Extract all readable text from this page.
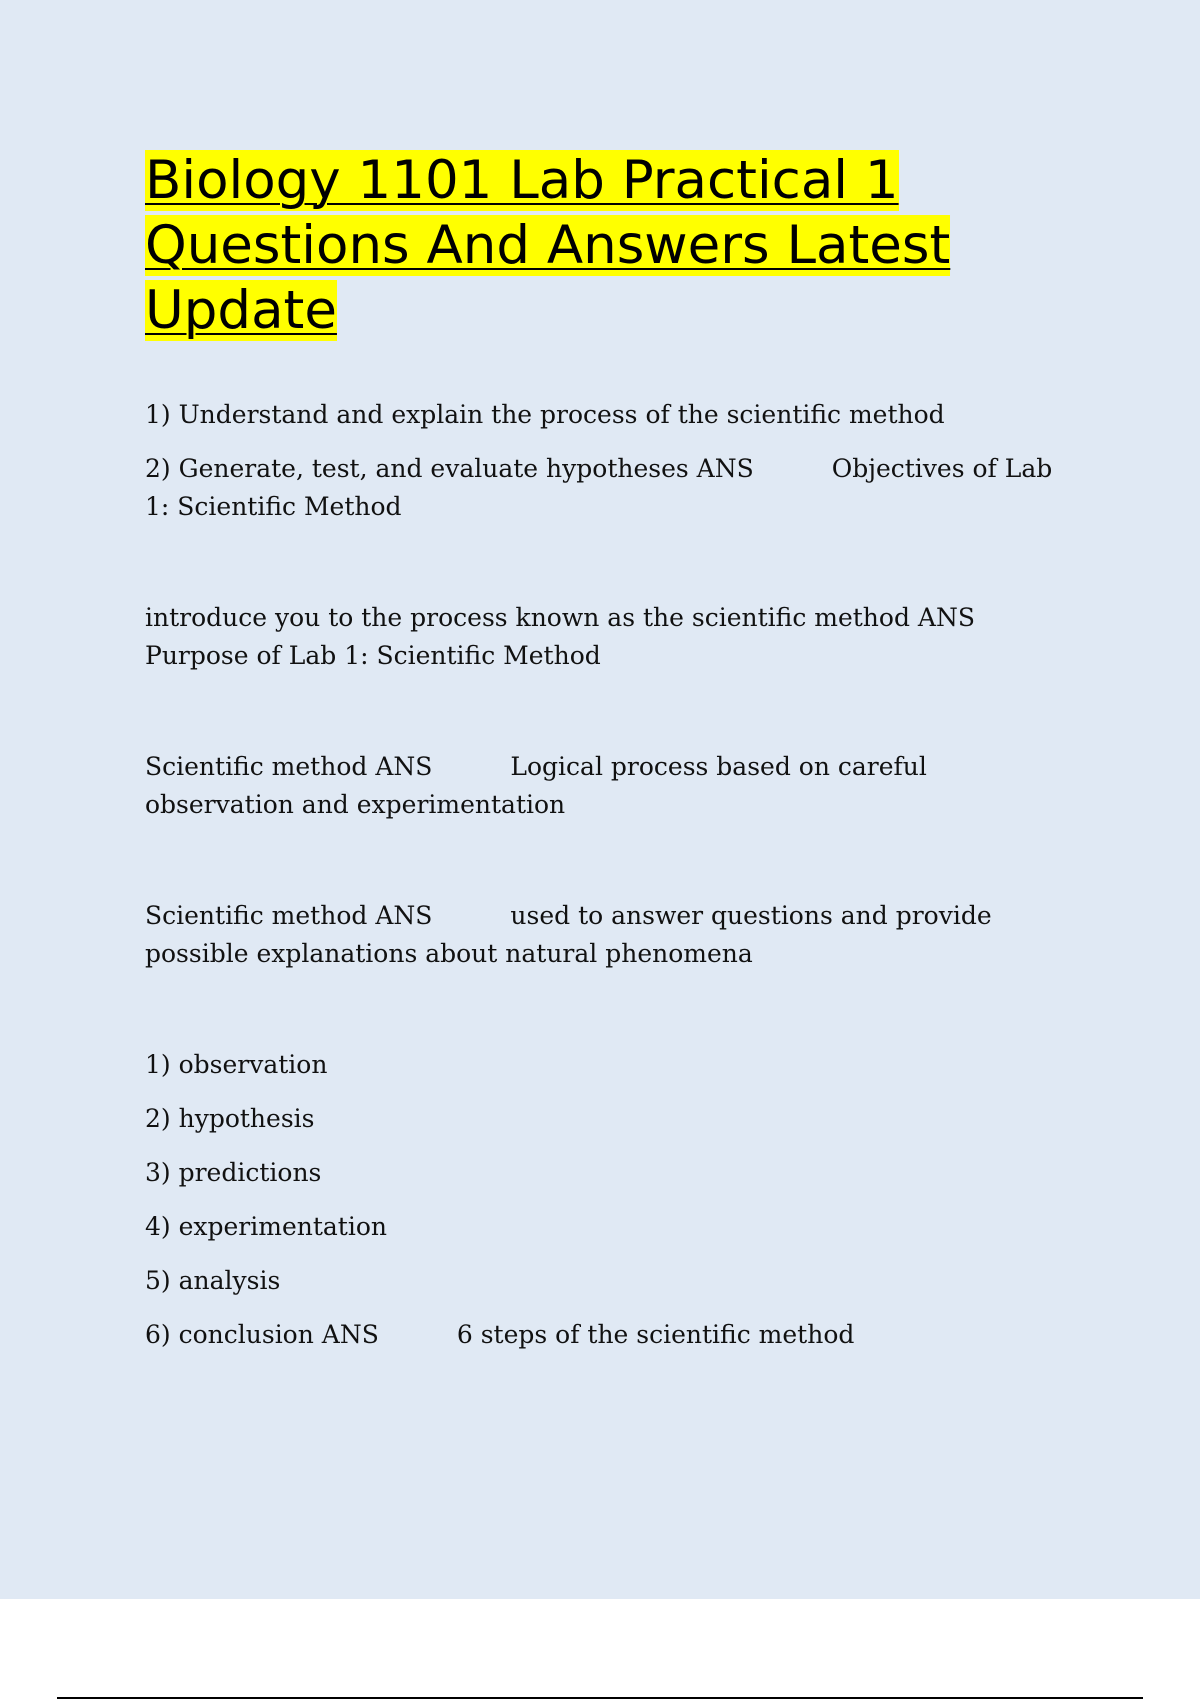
Biology 1101 Lab Practical 1 Questions And Answers Latest Update

1) Understand and explain the process of the scientific method

2) Generate, test, and evaluate hypotheses ANS	Objectives of Lab 1: Scientific Method

introduce you to the process known as the scientific method ANS Purpose of Lab 1: Scientific Method

Scientific method ANS	Logical process based on careful observation and experimentation

Scientific method ANS	used to answer questions and provide possible explanations about natural phenomena

1) observation

2) hypothesis

3) predictions

4) experimentation

5) analysis

6) conclusion ANS	6 steps of the scientific method
